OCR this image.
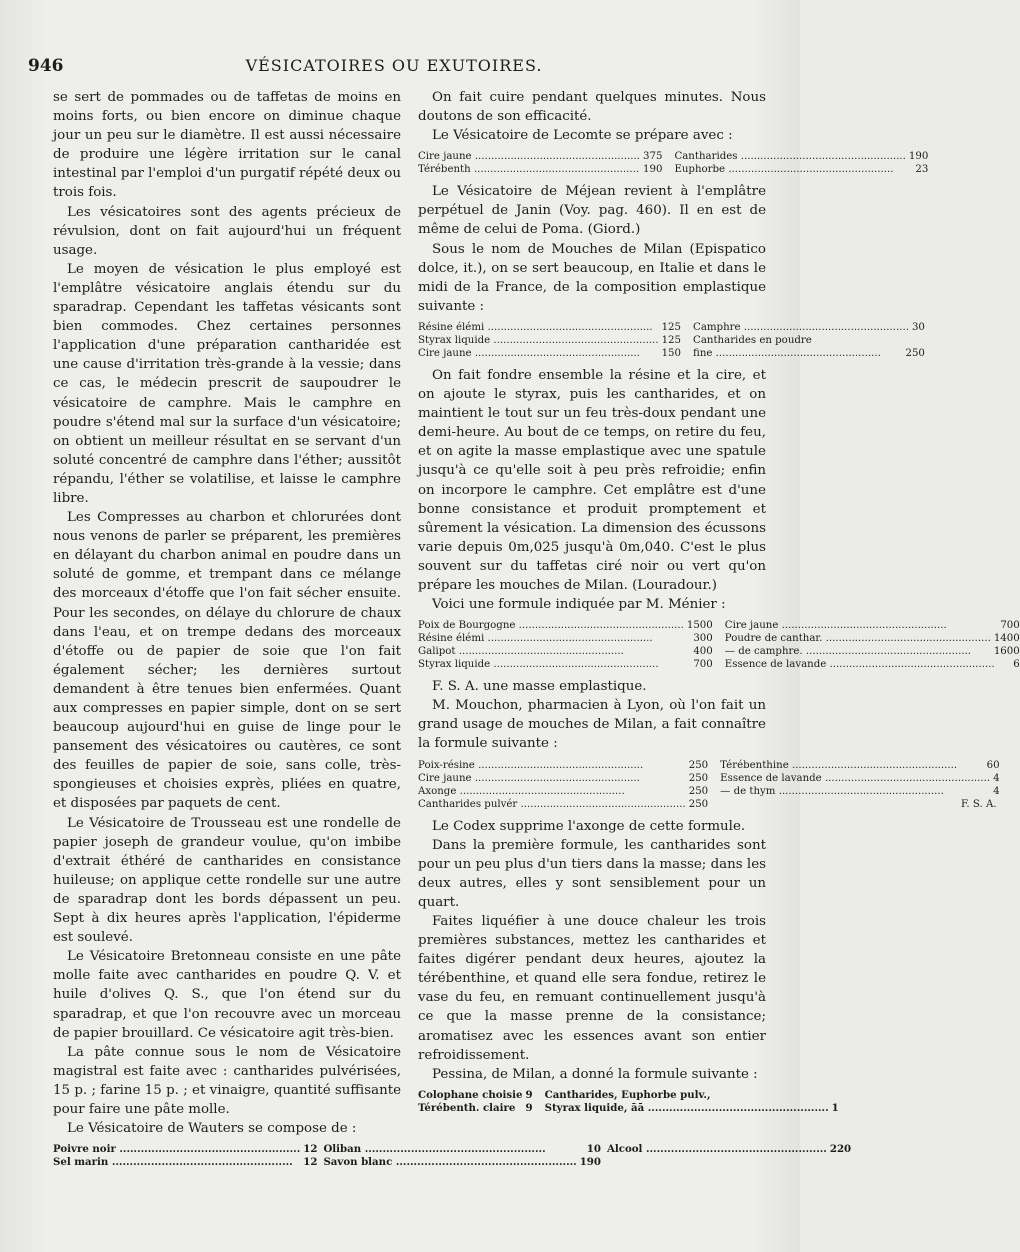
946	VÉSICATOIRES OU EXUTOIRES.

se sert de pommades ou de taffetas de moins en moins forts, ou bien encore on diminue chaque jour un peu sur le diamètre. Il est aussi nécessaire de produire une légère irritation sur le canal intestinal par l'emploi d'un purgatif répété deux ou trois fois.

Les vésicatoires sont des agents précieux de révulsion, dont on fait aujourd'hui un fréquent usage.

Le moyen de vésication le plus employé est l'emplâtre vésicatoire anglais étendu sur du sparadrap. Cependant les taffetas vésicants sont bien commodes. Chez certaines personnes l'application d'une préparation cantharidée est une cause d'irritation très-grande à la vessie; dans ce cas, le médecin prescrit de saupoudrer le vésicatoire de camphre. Mais le camphre en poudre s'étend mal sur la surface d'un vésicatoire; on obtient un meilleur résultat en se servant d'un soluté concentré de camphre dans l'éther; aussitôt répandu, l'éther se volatilise, et laisse le camphre libre.

Les Compresses au charbon et chlorurées dont nous venons de parler se préparent, les premières en délayant du charbon animal en poudre dans un soluté de gomme, et trempant dans ce mélange des morceaux d'étoffe que l'on fait sécher ensuite. Pour les secondes, on délaye du chlorure de chaux dans l'eau, et on trempe dedans des morceaux d'étoffe ou de papier de soie que l'on fait également sécher; les dernières surtout demandent à être tenues bien enfermées. Quant aux compresses en papier simple, dont on se sert beaucoup aujourd'hui en guise de linge pour le pansement des vésicatoires ou cautères, ce sont des feuilles de papier de soie, sans colle, très-spongieuses et choisies exprès, pliées en quatre, et disposées par paquets de cent.

Le Vésicatoire de Trousseau est une rondelle de papier joseph de grandeur voulue, qu'on imbibe d'extrait éthéré de cantharides en consistance huileuse; on applique cette rondelle sur une autre de sparadrap dont les bords dépassent un peu. Sept à dix heures après l'application, l'épiderme est soulevé.

Le Vésicatoire Bretonneau consiste en une pâte molle faite avec cantharides en poudre Q. V. et huile d'olives Q. S., que l'on étend sur du sparadrap, et que l'on recouvre avec un morceau de papier brouillard. Ce vésicatoire agit très-bien.

La pâte connue sous le nom de Vésicatoire magistral est faite avec : cantharides pulvérisées, 15 p. ; farine 15 p. ; et vinaigre, quantité suffisante pour faire une pâte molle.

Le Vésicatoire de Wauters se compose de :

Poivre noir .....	12 Oliban .....	10 Alcool .....	220
Sel marin .....	12 Savon blanc .....	190

On fait cuire pendant quelques minutes. Nous doutons de son efficacité.

Le Vésicatoire de Lecomte se prépare avec :

Cire jaune .....	375 Cantharides .....	190
Térébenth .....	190 Euphorbe .....	23

Le Vésicatoire de Méjean revient à l'emplâtre perpétuel de Janin (Voy. pag. 460). Il en est de même de celui de Poma. (Giord.)

Sous le nom de Mouches de Milan (Epispatico dolce, it.), on se sert beaucoup, en Italie et dans le midi de la France, de la composition emplastique suivante :

Résine élémi .....	125 Camphre .....	30
Styrax liquide .....	125 Cantharides en poudre
Cire jaune .....	150 fine .....	250

On fait fondre ensemble la résine et la cire, et on ajoute le styrax, puis les cantharides, et on maintient le tout sur un feu très-doux pendant une demi-heure. Au bout de ce temps, on retire du feu, et on agite la masse emplastique avec une spatule jusqu'à ce qu'elle soit à peu près refroidie; enfin on incorpore le camphre. Cet emplâtre est d'une bonne consistance et produit promptement et sûrement la vésication. La dimension des écussons varie depuis 0m,025 jusqu'à 0m,040. C'est le plus souvent sur du taffetas ciré noir ou vert qu'on prépare les mouches de Milan. (Louradour.)

Voici une formule indiquée par M. Ménier :

Poix de Bourgogne .....	1500 Cire jaune .....	700
Résine élémi .....	300 Poudre de canthar. .....	1400
Galipot .....	400 — de camphre. .....	1600
Styrax liquide .....	700 Essence de lavande .....	6

F. S. A. une masse emplastique.

M. Mouchon, pharmacien à Lyon, où l'on fait un grand usage de mouches de Milan, a fait connaître la formule suivante :

Poix-résine .....	250 Térébenthine .....	60
Cire jaune .....	250 Essence de lavande .....	4
Axonge .....	250 — de thym .....	4
Cantharides pulvér .....	250	F. S. A.

Le Codex supprime l'axonge de cette formule.

Dans la première formule, les cantharides sont pour un peu plus d'un tiers dans la masse; dans les deux autres, elles y sont sensiblement pour un quart.

Faites liquéfier à une douce chaleur les trois premières substances, mettez les cantharides et faites digérer pendant deux heures, ajoutez la térébenthine, et quand elle sera fondue, retirez le vase du feu, en remuant continuellement jusqu'à ce que la masse prenne de la consistance; aromatisez avec les essences avant son entier refroidissement.

Pessina, de Milan, a donné la formule suivante :

Colophane choisie 9 Cantharides, Euphorbe pulv.,
Térébenth. claire 9 Styrax liquide, āā .....	1
